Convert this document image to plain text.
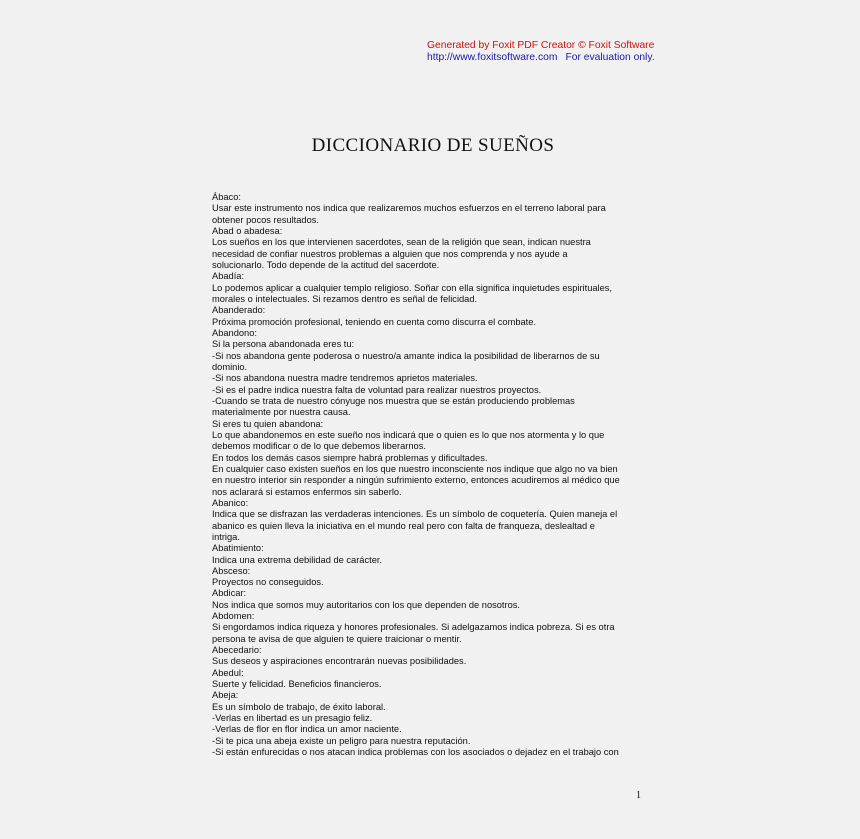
Generated by Foxit PDF Creator © Foxit Software
http://www.foxitsoftware.com For evaluation only.
DICCIONARIO DE SUEÑOS
Ábaco:
Usar este instrumento nos indica que realizaremos muchos esfuerzos en el terreno laboral para
obtener pocos resultados.
Abad o abadesa:
Los sueños en los que intervienen sacerdotes, sean de la religión que sean, indican nuestra
necesidad de confiar nuestros problemas a alguien que nos comprenda y nos ayude a
solucionarlo. Todo depende de la actitud del sacerdote.
Abadía:
Lo podemos aplicar a cualquier templo religioso. Soñar con ella significa inquietudes espirituales,
morales o intelectuales. Si rezamos dentro es señal de felicidad.
Abanderado:
Próxima promoción profesional, teniendo en cuenta como discurra el combate.
Abandono:
Si la persona abandonada eres tu:
-Si nos abandona gente poderosa o nuestro/a amante indica la posibilidad de liberarnos de su
dominio.
-Si nos abandona nuestra madre tendremos aprietos materiales.
-Si es el padre indica nuestra falta de voluntad para realizar nuestros proyectos.
-Cuando se trata de nuestro cónyuge nos muestra que se están produciendo problemas
materialmente por nuestra causa.
Si eres tu quien abandona:
Lo que abandonemos en este sueño nos indicará que o quien es lo que nos atormenta y lo que
debemos modificar o de lo que debemos liberarnos.
En todos los demás casos siempre habrá problemas y dificultades.
En cualquier caso existen sueños en los que nuestro inconsciente nos indique que algo no va bien
en nuestro interior sin responder a ningún sufrimiento externo, entonces acudiremos al médico que
nos aclarará si estamos enfermos sin saberlo.
Abanico:
Indica que se disfrazan las verdaderas intenciones. Es un símbolo de coquetería. Quien maneja el
abanico es quien lleva la iniciativa en el mundo real pero con falta de franqueza, deslealtad e
intriga.
Abatimiento:
Indica una extrema debilidad de carácter.
Absceso:
Proyectos no conseguidos.
Abdicar:
Nos indica que somos muy autoritarios con los que dependen de nosotros.
Abdomen:
Si engordamos indica riqueza y honores profesionales. Si adelgazamos indica pobreza. Si es otra
persona te avisa de que alguien te quiere traicionar o mentir.
Abecedario:
Sus deseos y aspiraciones encontrarán nuevas posibilidades.
Abedul:
Suerte y felicidad. Beneficios financieros.
Abeja:
Es un símbolo de trabajo, de éxito laboral.
-Verlas en libertad es un presagio feliz.
-Verlas de flor en flor indica un amor naciente.
-Si te pica una abeja existe un peligro para nuestra reputación.
-Si están enfurecidas o nos atacan indica problemas con los asociados o dejadez en el trabajo con
1
